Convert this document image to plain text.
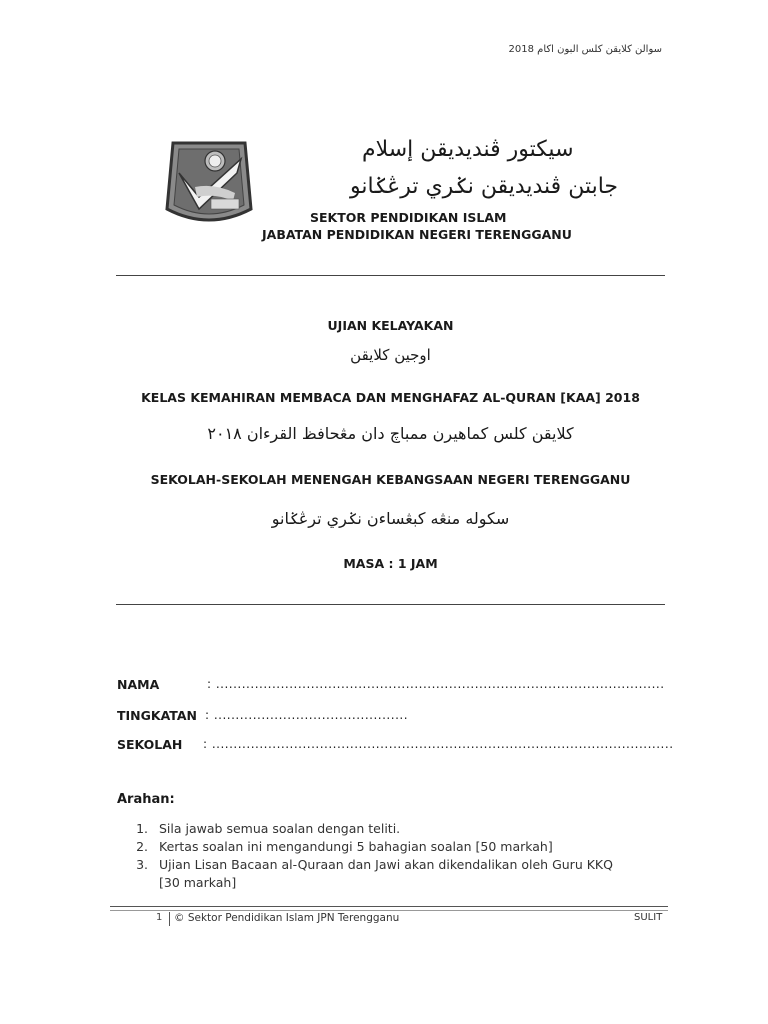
سوالن كلايقن كلس البون اكام 2018
سيكتور ڤنديديقن إسلام
جابتن ڤنديديقن نݢري ترڠݢانو
SEKTOR PENDIDIKAN ISLAM
JABATAN PENDIDIKAN NEGERI TERENGGANU
UJIAN KELAYAKAN
اوجين كلايقن
KELAS KEMAHIRAN MEMBACA DAN MENGHAFAZ AL-QURAN [KAA] 2018
كلايقن كلس كماهيرن ممباچ دان مڠحافظ القرءان ٢٠١٨
SEKOLAH-SEKOLAH MENENGAH KEBANGSAAN NEGERI TERENGGANU
سكوله منڠه كبڠساءن نݢري ترڠݢانو
MASA : 1 JAM
NAMA	: ........................................................................................................
TINGKATAN : .............................................
SEKOLAH : ...........................................................................................................
Arahan:
1. Sila jawab semua soalan dengan teliti.
2. Kertas soalan ini mengandungi 5 bahagian soalan [50 markah]
3. Ujian Lisan Bacaan al-Quraan dan Jawi akan dikendalikan oleh Guru KKQ
[30 markah]
1 © Sektor Pendidikan Islam JPN Terengganu	SULIT
